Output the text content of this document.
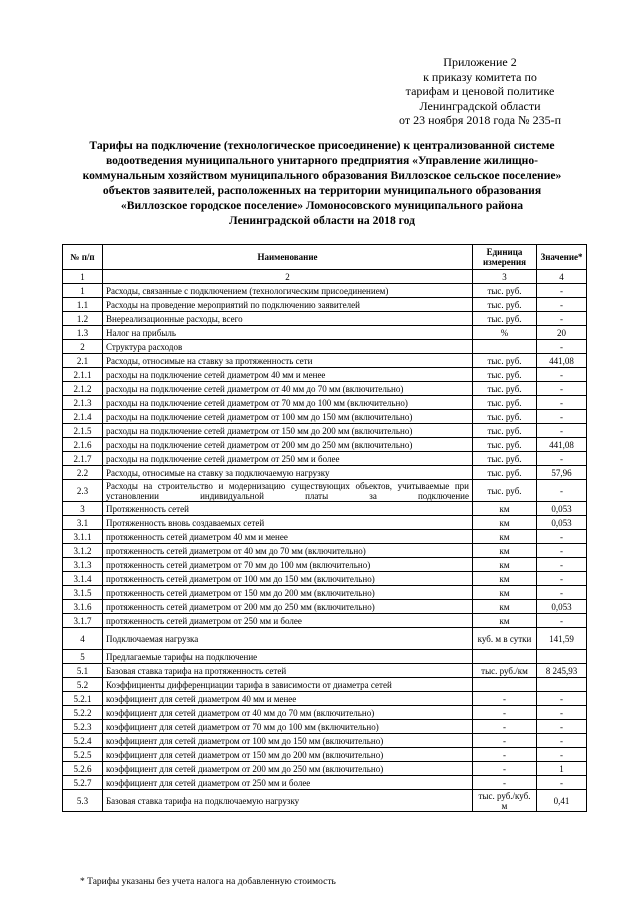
Приложение 2
к приказу комитета по
тарифам и ценовой политике
Ленинградской области
от 23 ноября 2018 года № 235-п
Тарифы на подключение (технологическое присоединение) к централизованной системе
водоотведения муниципального унитарного предприятия «Управление жилищно-
коммунальным хозяйством муниципального образования Виллозское сельское поселение»
объектов заявителей, расположенных на территории муниципального образования
«Виллозское городское поселение» Ломоносовского муниципального района
Ленинградской области на 2018 год
№ п/п	Наименование	Единица измерения	Значение*
1	2	3	4
1	Расходы, связанные с подключением (технологическим присоединением)	тыс. руб.	-
1.1	Расходы на проведение мероприятий по подключению заявителей	тыс. руб.	-
1.2	Внереализационные расходы, всего	тыс. руб.	-
1.3	Налог на прибыль	%	20
2	Структура расходов		-
2.1	Расходы, относимые на ставку за протяженность сети	тыс. руб.	441,08
2.1.1	расходы на подключение сетей диаметром 40 мм и менее	тыс. руб.	-
2.1.2	расходы на подключение сетей диаметром от 40 мм до 70 мм (включительно)	тыс. руб.	-
2.1.3	расходы на подключение сетей диаметром от 70 мм до 100 мм (включительно)	тыс. руб.	-
2.1.4	расходы на подключение сетей диаметром от 100 мм до 150 мм (включительно)	тыс. руб.	-
2.1.5	расходы на подключение сетей диаметром от 150 мм до 200 мм (включительно)	тыс. руб.	-
2.1.6	расходы на подключение сетей диаметром от 200 мм до 250 мм (включительно)	тыс. руб.	441,08
2.1.7	расходы на подключение сетей диаметром от 250 мм и более	тыс. руб.	-
2.2	Расходы, относимые на ставку за подключаемую нагрузку	тыс. руб.	57,96
2.3	Расходы на строительство и модернизацию существующих объектов, учитываемые при установлении индивидуальной платы за подключение	тыс. руб.	-
3	Протяженность сетей	км	0,053
3.1	Протяженность вновь создаваемых сетей	км	0,053
3.1.1	протяженность сетей диаметром 40 мм и менее	км	-
3.1.2	протяженность сетей диаметром от 40 мм до 70 мм (включительно)	км	-
3.1.3	протяженность сетей диаметром от 70 мм до 100 мм (включительно)	км	-
3.1.4	протяженность сетей диаметром от 100 мм до 150 мм (включительно)	км	-
3.1.5	протяженность сетей диаметром от 150 мм до 200 мм (включительно)	км	-
3.1.6	протяженность сетей диаметром от 200 мм до 250 мм (включительно)	км	0,053
3.1.7	протяженность сетей диаметром от 250 мм и более	км	-
4	Подключаемая нагрузка	куб. м в сутки	141,59
5	Предлагаемые тарифы на подключение		
5.1	Базовая ставка тарифа на протяженность сетей	тыс. руб./км	8 245,93
5.2	Коэффициенты дифференциации тарифа в зависимости от диаметра сетей		
5.2.1	коэффициент для сетей диаметром 40 мм и менее	-	-
5.2.2	коэффициент для сетей диаметром от 40 мм до 70 мм (включительно)	-	-
5.2.3	коэффициент для сетей диаметром от 70 мм до 100 мм (включительно)	-	-
5.2.4	коэффициент для сетей диаметром от 100 мм до 150 мм (включительно)	-	-
5.2.5	коэффициент для сетей диаметром от 150 мм до 200 мм (включительно)	-	-
5.2.6	коэффициент для сетей диаметром от 200 мм до 250 мм (включительно)	-	1
5.2.7	коэффициент для сетей диаметром от 250 мм и более	-	-
5.3	Базовая ставка тарифа на подключаемую нагрузку	тыс. руб./куб. м	0,41
* Тарифы указаны без учета налога на добавленную стоимость
